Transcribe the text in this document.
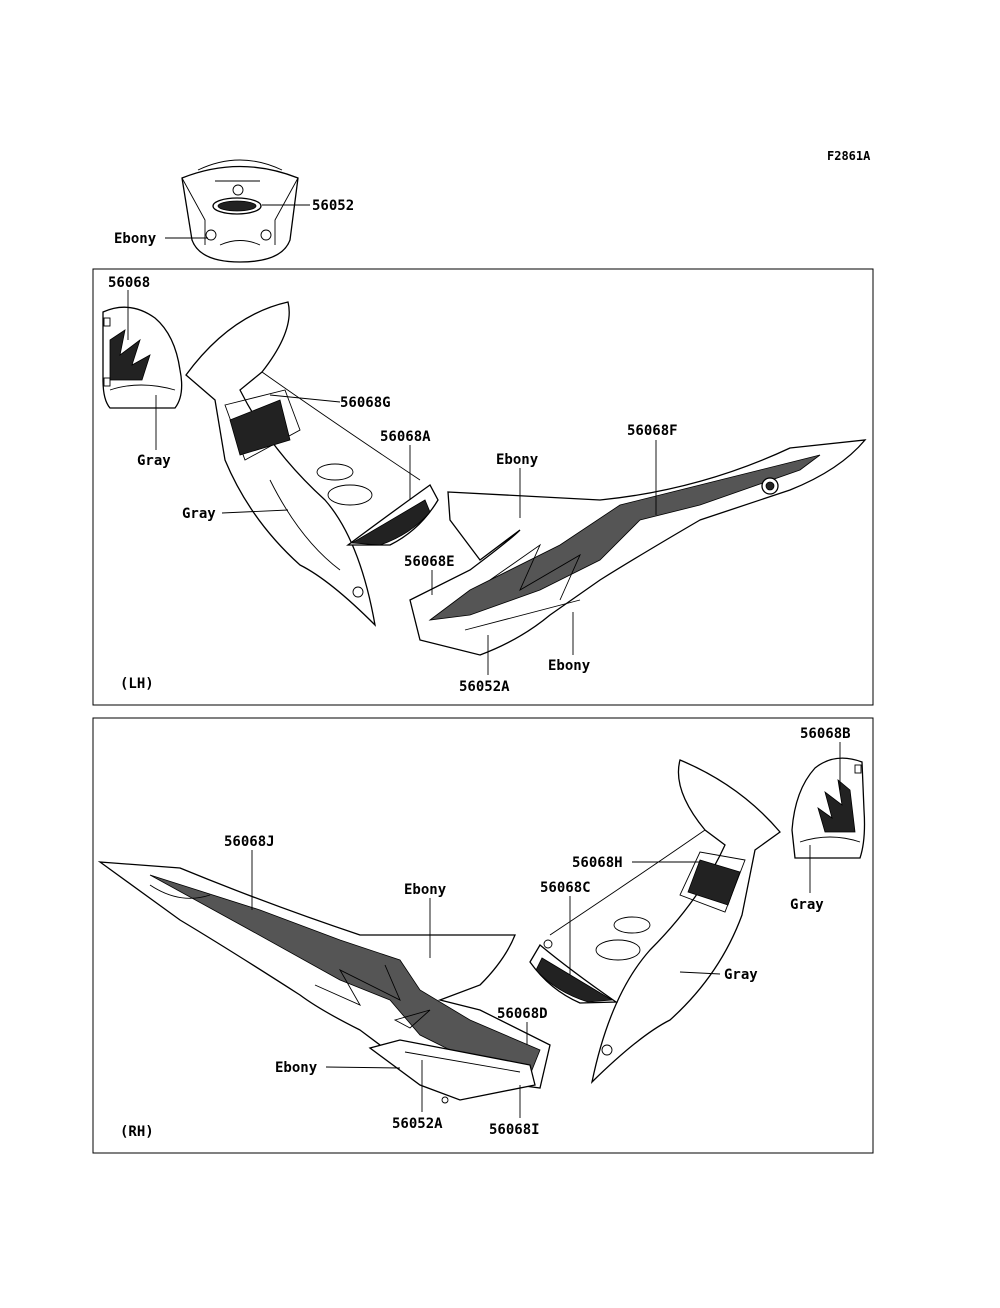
F2861A
56052
Ebony
(LH)
56068
Gray
56068G
Gray
56068A	56068F
Ebony
56068E
Ebony
56052A
(RH)
56068B
Gray
56068H
Gray
56068C
56068J
Ebony
56068D
Ebony
56052A	56068I
